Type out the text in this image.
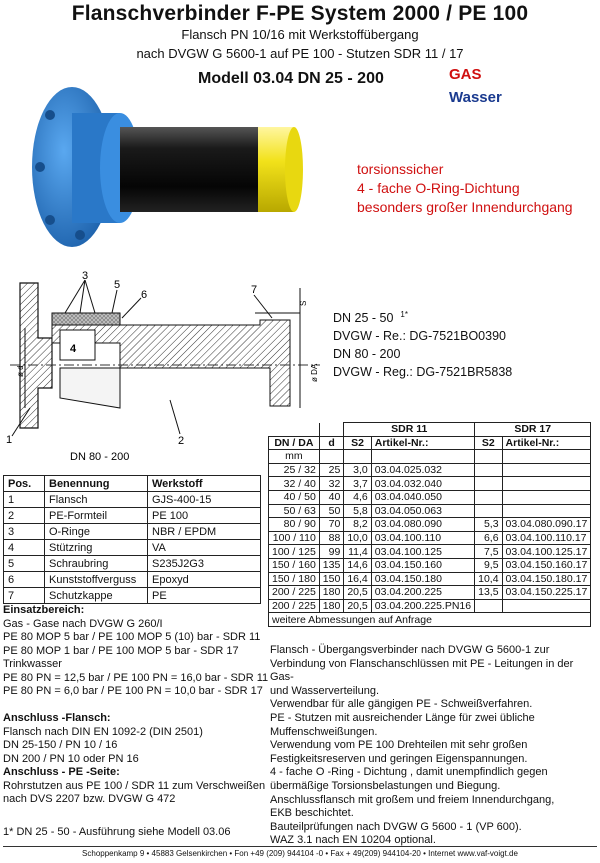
Flanschverbinder F-PE System 2000 / PE 100
Flansch PN 10/16 mit Werkstoffübergang
nach DVGW G 5600-1 auf PE 100 - Stutzen SDR 11 / 17
Modell 03.04 DN 25 - 200	GAS
Wasser
torsionssicher
4 - fache O-Ring-Dichtung
besonders großer Innendurchgang
3
5
6	7
4
1	2
S
ø d	ø DA
DN 80 - 200
DN 25 - 50 $^{1*}$
DVGW - Re.: DG-7521BO0390
DN 80 - 200
DVGW - Reg.: DG-7521BR5838
Pos.	Benennung	Werkstoff
1	Flansch	GJS-400-15
2	PE-Formteil	PE 100
3	O-Ringe	NBR / EPDM
4	Stützring	VA
5	Schraubring	S235J2G3
6	Kunststoffverguss	Epoxyd
7	Schutzkappe	PE
		SDR 11		SDR 17	
DN / DA	d	S2	Artikel-Nr.:	S2	Artikel-Nr.:
mm					
25 / 32	25	3,0	03.04.025.032		
32 / 40	32	3,7	03.04.032.040		
40 / 50	40	4,6	03.04.040.050		
50 / 63	50	5,8	03.04.050.063		
80 / 90	70	8,2	03.04.080.090	5,3	03.04.080.090.17
100 / 110	88	10,0	03.04.100.110	6,6	03.04.100.110.17
100 / 125	99	11,4	03.04.100.125	7,5	03.04.100.125.17
150 / 160	135	14,6	03.04.150.160	9,5	03.04.150.160.17
150 / 180	150	16,4	03.04.150.180	10,4	03.04.150.180.17
200 / 225	180	20,5	03.04.200.225	13,5	03.04.150.225.17
200 / 225	180	20,5	03.04.200.225.PN16		
weitere Abmessungen auf Anfrage					
Einsatzbereich:
Gas - Gase nach DVGW G 260/I
PE 80 MOP 5 bar / PE 100 MOP 5 (10) bar - SDR 11
PE 80 MOP 1 bar / PE 100 MOP 5 bar - SDR 17
Trinkwasser
PE 80 PN = 12,5 bar / PE 100 PN = 16,0 bar - SDR 11
PE 80 PN = 6,0 bar / PE 100 PN = 10,0 bar - SDR 17
Anschluss -Flansch:
Flansch nach DIN EN 1092-2 (DIN 2501)
DN 25-150 / PN 10 / 16
DN 200 / PN 10 oder PN 16
Anschluss - PE -Seite:
Rohrstutzen aus PE 100 / SDR 11 zum Verschweißen
nach DVS 2207 bzw. DVGW G 472
1* DN 25 - 50 - Ausführung siehe Modell 03.06
Flansch - Übergangsverbinder nach DVGW G 5600-1 zur
Verbindung von Flanschanschlüssen mit PE - Leitungen in der Gas-
und Wasserverteilung.
Verwendbar für alle gängigen PE - Schweißverfahren.
PE - Stutzen mit ausreichender Länge für zwei übliche
Muffenschweißungen.
Verwendung vom PE 100 Drehteilen mit sehr großen
Festigkeitsreserven und geringen Eigenspannungen.
4 - fache O -Ring - Dichtung , damit unempfindlich gegen
übermäßige Torsionsbelastungen und Biegung.
Anschlussflansch mit großem und freiem Innendurchgang,
EKB beschichtet.
Bauteilprüfungen nach DVGW G 5600 - 1 (VP 600).
WAZ 3.1 nach EN 10204 optional.
Schoppenkamp 9 • 45883 Gelsenkirchen • Fon +49 (209) 944104 -0 • Fax + 49(209) 944104-20 • Internet www.vaf-voigt.de
